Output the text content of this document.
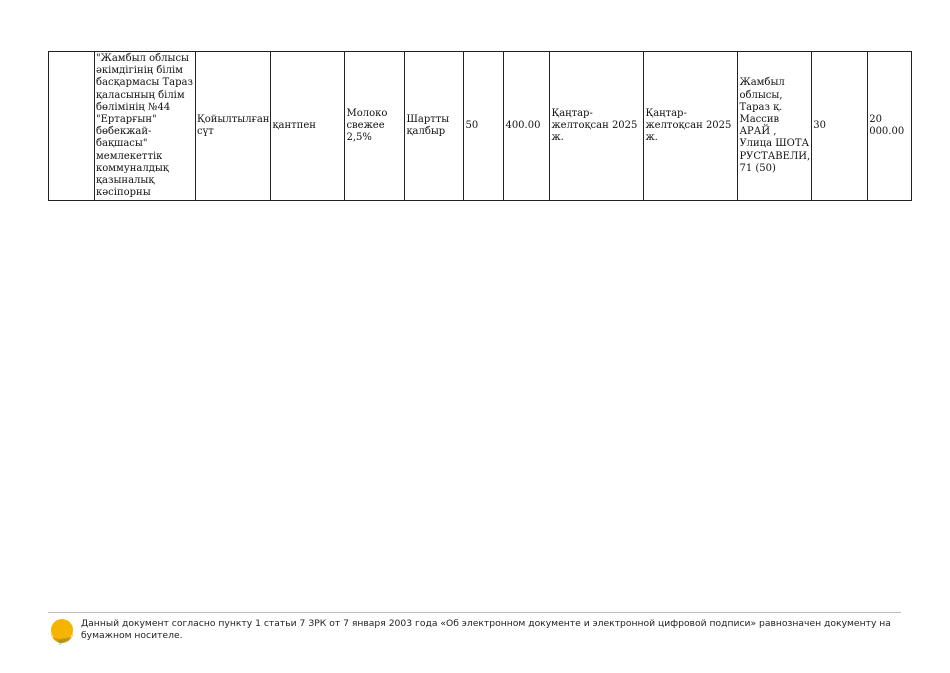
	"Жамбыл облысы әкімдігінің білім басқармасы Тараз қаласының білім бөлімінің №44 "Ертарғын" бөбекжай-бақшасы" мемлекеттік коммуналдық қазыналық кәсіпорны	Қойылтылған сүт	қантпен	Молоко свежее 2,5%	Шартты қалбыр	50	400.00	Қаңтар-желтоқсан 2025 ж.	Қаңтар-желтоқсан 2025 ж.	Жамбыл облысы, Тараз қ. Массив АРАЙ , Улица ШОТА РУСТАВЕЛИ, 71 (50)	30	20 000.00
gov
Данный документ согласно пункту 1 статьи 7 ЗРК от 7 января 2003 года «Об электронном документе и электронной цифровой подписи» равнозначен документу на бумажном носителе.
